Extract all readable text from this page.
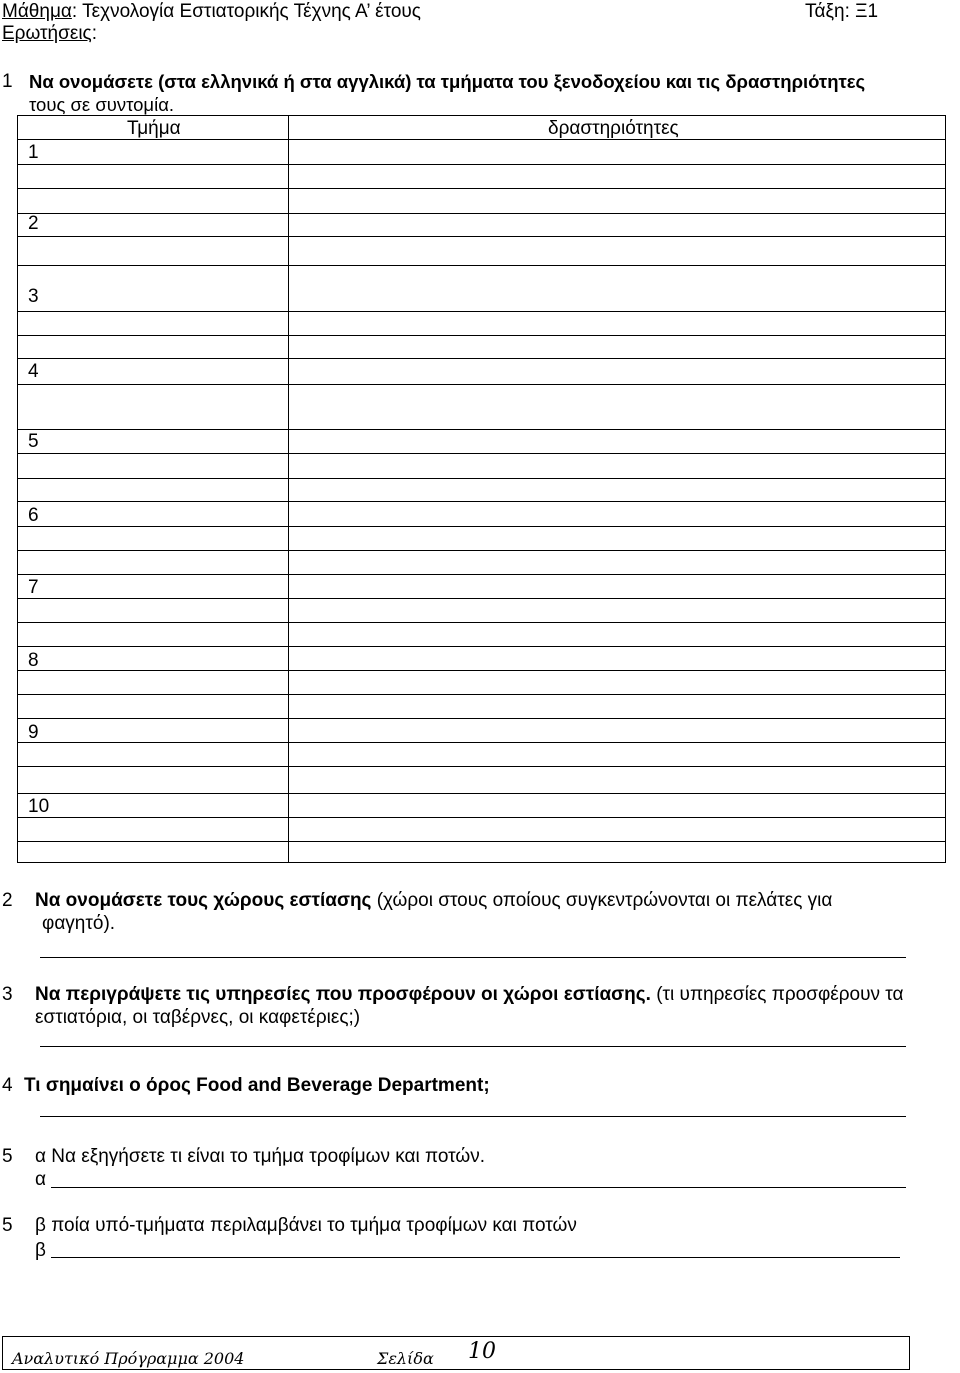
Μάθημα: Τεχνολογία Εστιατορικής Τέχνης Α’ έτους	Τάξη: Ξ1
Ερωτήσεις:
1 Να ονομάσετε (στα ελληνικά ή στα αγγλικά) τα τμήματα του ξενοδοχείου και τις δραστηριότητες
τους σε συντομία.
Τμήμα	δραστηριότητες
1
2
3
4
5
6
7
8
9
10
2 Να ονομάσετε τους χώρους εστίασης (χώροι στους οποίους συγκεντρώνονται οι πελάτες για
φαγητό).
3 Να περιγράψετε τις υπηρεσίες που προσφέρουν οι χώροι εστίασης. (τι υπηρεσίες προσφέρουν τα
εστιατόρια, οι ταβέρνες, οι καφετέριες;)
4 Τι σημαίνει ο όρος Food and Beverage Department;
5 α Να εξηγήσετε τι είναι το τμήμα τροφίμων και ποτών.
α
5 β ποία υπό-τμήματα περιλαμβάνει το τμήμα τροφίμων και ποτών
β
Αναλυτικό Πρόγραμμα 2004	Σελίδα 10
